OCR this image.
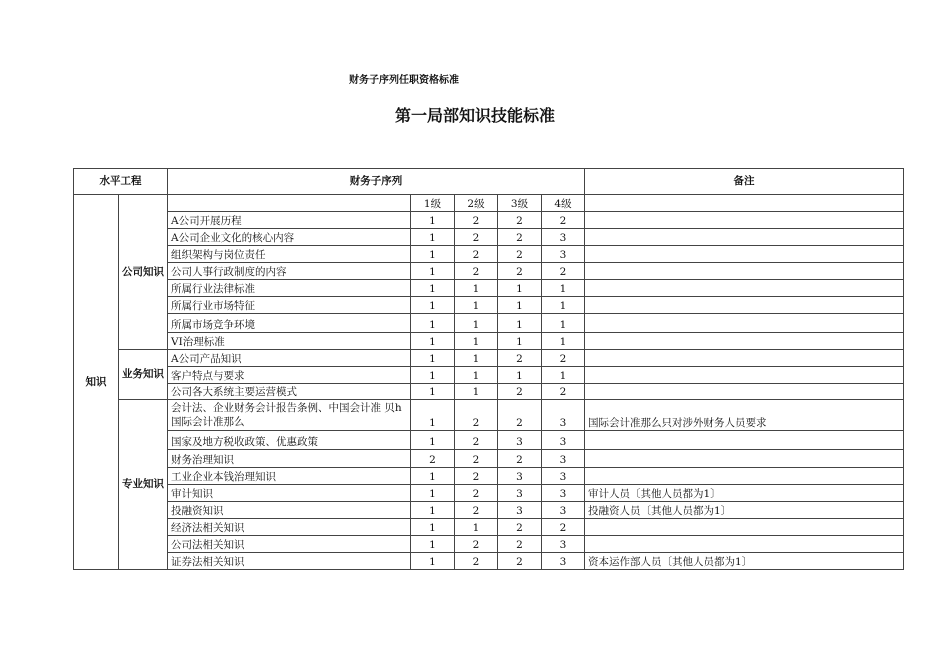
财务子序列任职资格标准
第一局部知识技能标准
水平工程		财务子序列					备注
知识	公司知识		1级	2级	3级	4级	
		A公司开展历程	1	2	2	2	
		A公司企业文化的核心内容	1	2	2	3	
		组织架构与岗位责任	1	2	2	3	
		公司人事行政制度的内容	1	2	2	2	
		所属行业法律标准	1	1	1	1	
		所属行业市场特征	1	1	1	1	
		所属市场竞争环境	1	1	1	1	
		VI治理标准	1	1	1	1	
	业务知识	A公司产品知识	1	1	2	2	
		客户特点与要求	1	1	1	1	
		公司各大系统主要运营模式	1	1	2	2	
	专业知识	会计法、企业财务会计报告条例、中国会计准 贝h国际会计准那么	1	2	2	3	国际会计准那么只对涉外财务人员要求
		国家及地方税收政策、优惠政策	1	2	3	3	
		财务治理知识	2	2	2	3	
		工业企业本钱治理知识	1	2	3	3	
		审计知识	1	2	3	3	审计人员〔其他人员都为1〕
		投融资知识	1	2	3	3	投融资人员〔其他人员都为1〕
		经济法相关知识	1	1	2	2	
		公司法相关知识	1	2	2	3	
		证券法相关知识	1	2	2	3	资本运作部人员〔其他人员都为1〕
